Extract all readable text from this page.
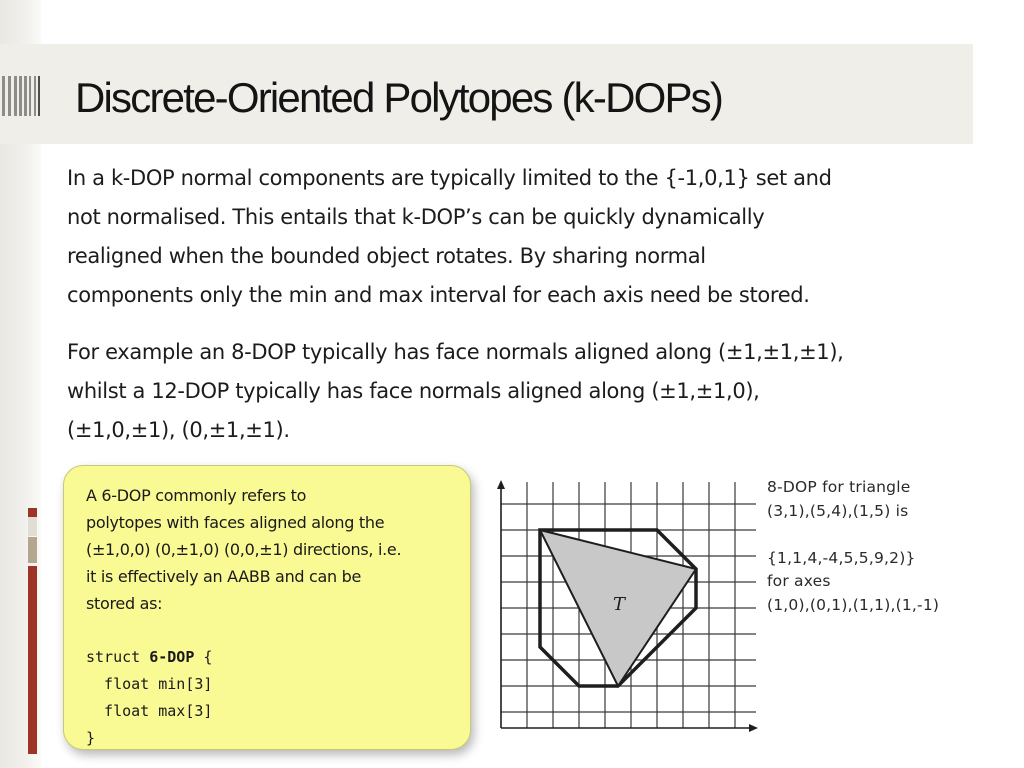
Discrete-Oriented Polytopes (k-DOPs)

In a k-DOP normal components are typically limited to the {-1,0,1} set and
not normalised. This entails that k-DOP’s can be quickly dynamically
realigned when the bounded object rotates. By sharing normal
components only the min and max interval for each axis need be stored.

For example an 8-DOP typically has face normals aligned along (±1,±1,±1),
whilst a 12-DOP typically has face normals aligned along (±1,±1,0),
(±1,0,±1), (0,±1,±1).

A 6-DOP commonly refers to
polytopes with faces aligned along the
(±1,0,0) (0,±1,0) (0,0,±1) directions, i.e.
it is effectively an AABB and can be
stored as:
struct 6-DOP {
float min[3]
float max[3]
}
T
8-DOP for triangle
(3,1),(5,4),(1,5) is

{1,1,4,-4,5,5,9,2)}
for axes
(1,0),(0,1),(1,1),(1,-1)
